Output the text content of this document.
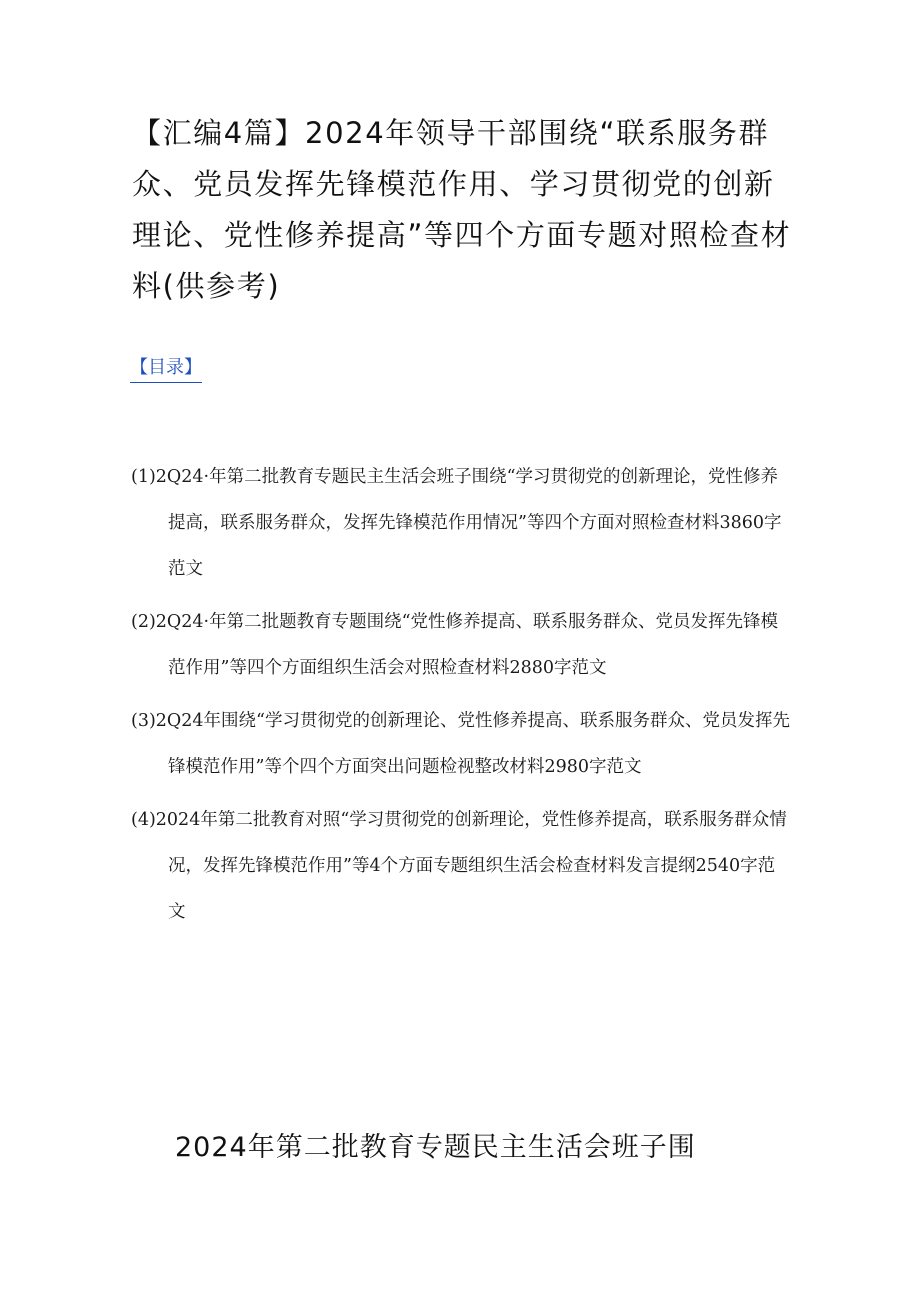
【汇编4篇】2024年领导干部围绕“联系服务群众、党员发挥先锋模范作用、学习贯彻党的创新理论、党性修养提高”等四个方面专题对照检查材料(供参考)
【目录】
(1)2Q24·年第二批教育专题民主生活会班子围绕“学习贯彻党的创新理论，党性修养提高，联系服务群众，发挥先锋模范作用情况”等四个方面对照检查材料3860字范文
(2)2Q24·年第二批题教育专题围绕“党性修养提高、联系服务群众、党员发挥先锋模范作用”等四个方面组织生活会对照检查材料2880字范文
(3)2Q24年围绕“学习贯彻党的创新理论、党性修养提高、联系服务群众、党员发挥先锋模范作用”等个四个方面突出问题检视整改材料2980字范文
(4)2024年第二批教育对照“学习贯彻党的创新理论，党性修养提高，联系服务群众情况，发挥先锋模范作用”等4个方面专题组织生活会检查材料发言提纲2540字范文
2024年第二批教育专题民主生活会班子围
